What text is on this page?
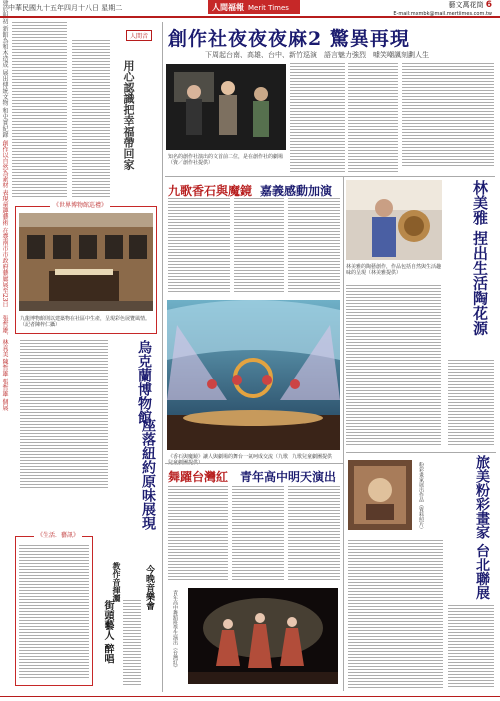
中華民國九十五年四月十八日 星期二	人間福報 Merit Times	藝文萬花筒 6
E-mail:mxmbk@mail.mertiimes.com.tw
創作社夜夜夜麻2 驚異再現
下周起台南、高雄、台中、新竹巡演　語言魅力強烈　噱笑嘲諷刻劃人生
知名的創作社演出的文首前二位，是在創作社的劇場（資／創作社提供）
人間音
用心認識把幸福帶回家
《世界博物館巡禮》
九龍博物館則以建築物在社區中生產，呈現彩色展覽風情。（記者陳梓仁攝）
烏克蘭博物館
建於明初 新館為和木造成 展出傳統文物 和史實紀錄
座落紐約原味展現
《生活．藝訊》
街頭藝人 醉唱
教作音揮灑 今晚音樂會
九歌香石與魔鏡 嘉義感動加演
《香石與魔鏡》讓人與劇場的舞台一氣呵成交流（九歌 九歌兒童劇團提供
舞躍台灣紅 青年高中明天演出
青年高中舞蹈班學生演出《台灣紅》
林美雅的陶藝創作，作品包括自然與生活趣味的呈現（林美雅提供）	林美雅 捏出生活陶花源
創作以自然為素材 表現童趣藝術 在臺南市市政府藝廊展至23日
粉彩畫家展出作品（資料照片）	旅美粉彩畫家 台北聯展
張哲雄、林真美 陳哲雄 張哲雄 個展
